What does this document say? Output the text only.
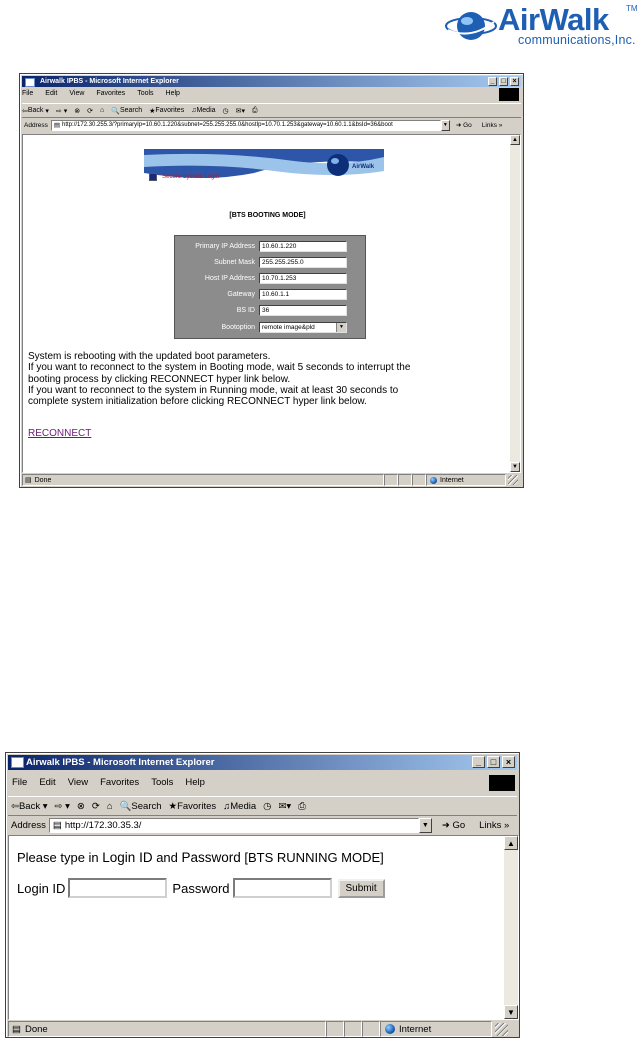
AirWalk TM
communications,Inc.
Airwalk IPBS - Microsoft Internet Explorer	_ □ ×
File Edit View Favorites Tools Help
⇦ Back ▾ ⇨ ▾ ⊗ ⟳ ⌂ 🔍 Search ★ Favorites ♫ Media ◷ ✉▾ ⎙
Address ▤ http://172.30.255.3/?primaryIp=10.60.1.220&subnet=255.255.255.0&hostIp=10.70.1.253&gateway=10.60.1.1&bsId=36&boot	▼	➜ Go Links »
AirWalk
Secure System Login
[BTS BOOTING MODE]
Primary IP Address	10.60.1.220
Subnet Mask	255.255.255.0
Host IP Address	10.70.1.253
Gateway	10.60.1.1
BS ID	36
Bootoption	remote image&pld	▼
System is rebooting with the updated boot parameters.
If you want to reconnect to the system in Booting mode, wait 5 seconds to interrupt the
booting process by clicking RECONNECT hyper link below.
If you want to reconnect to the system in Running mode, wait at least 30 seconds to
complete system initialization before clicking RECONNECT hyper link below.
RECONNECT
▲
▼
▤ Done	Internet
Airwalk IPBS - Microsoft Internet Explorer	_	□	×
File Edit View Favorites Tools Help
⇦ Back ▾ ⇨ ▾ ⊗ ⟳ ⌂ 🔍 Search ★ Favorites ♫ Media ◷ ✉▾ ⎙
Address ▤ http://172.30.35.3/	▼	➜ Go Links »
Please type in Login ID and Password [BTS RUNNING MODE]
Login ID	Password	Submit
▲
▼
▤ Done	Internet
